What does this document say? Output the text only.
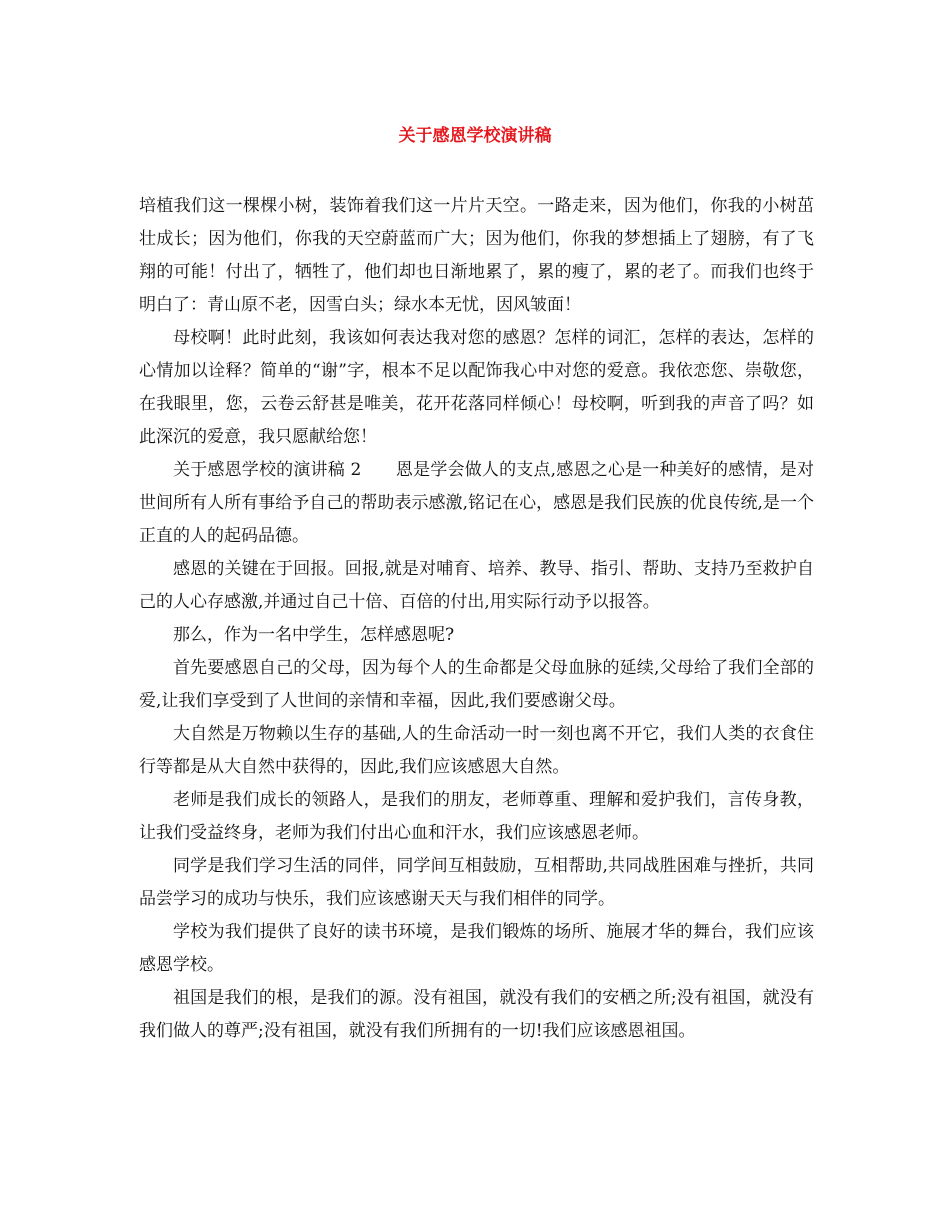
关于感恩学校演讲稿

培植我们这一棵棵小树，装饰着我们这一片片天空。一路走来，因为他们，你我的小树茁壮成长；因为他们，你我的天空蔚蓝而广大；因为他们，你我的梦想插上了翅膀，有了飞翔的可能！付出了，牺牲了，他们却也日渐地累了，累的瘦了，累的老了。而我们也终于明白了：青山原不老，因雪白头；绿水本无忧，因风皱面！

母校啊！此时此刻，我该如何表达我对您的感恩？怎样的词汇，怎样的表达，怎样的心情加以诠释？简单的“谢”字，根本不足以配饰我心中对您的爱意。我依恋您、崇敬您，在我眼里，您，云卷云舒甚是唯美，花开花落同样倾心！母校啊，听到我的声音了吗？如此深沉的爱意，我只愿献给您！

关于感恩学校的演讲稿 2　　恩是学会做人的支点,感恩之心是一种美好的感情，是对世间所有人所有事给予自己的帮助表示感激,铭记在心，感恩是我们民族的优良传统,是一个正直的人的起码品德。

感恩的关键在于回报。回报,就是对哺育、培养、教导、指引、帮助、支持乃至救护自己的人心存感激,并通过自己十倍、百倍的付出,用实际行动予以报答。

那么，作为一名中学生，怎样感恩呢?

首先要感恩自己的父母，因为每个人的生命都是父母血脉的延续,父母给了我们全部的爱,让我们享受到了人世间的亲情和幸福，因此,我们要感谢父母。

大自然是万物赖以生存的基础,人的生命活动一时一刻也离不开它，我们人类的衣食住行等都是从大自然中获得的，因此,我们应该感恩大自然。

老师是我们成长的领路人，是我们的朋友，老师尊重、理解和爱护我们，言传身教，让我们受益终身，老师为我们付出心血和汗水，我们应该感恩老师。

同学是我们学习生活的同伴，同学间互相鼓励，互相帮助,共同战胜困难与挫折，共同品尝学习的成功与快乐，我们应该感谢天天与我们相伴的同学。

学校为我们提供了良好的读书环境，是我们锻炼的场所、施展才华的舞台，我们应该感恩学校。

祖国是我们的根，是我们的源。没有祖国，就没有我们的安栖之所;没有祖国，就没有我们做人的尊严;没有祖国，就没有我们所拥有的一切!我们应该感恩祖国。
